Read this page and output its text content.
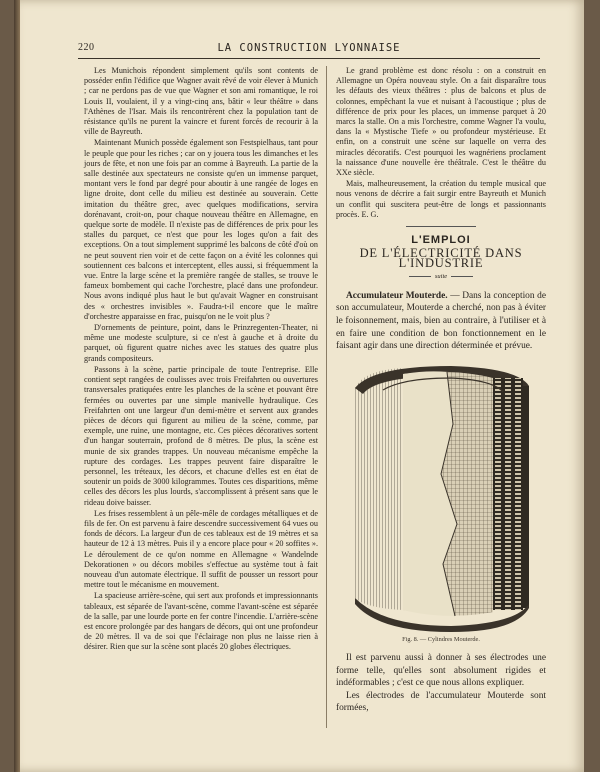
220	LA CONSTRUCTION LYONNAISE

Les Munichois répondent simplement qu'ils sont contents de posséder enfin l'édifice que Wagner avait rêvé de voir élever à Munich ; car ne perdons pas de vue que Wagner et son ami romantique, le roi Louis II, voulaient, il y a vingt-cinq ans, bâtir « leur théâtre » dans l'Athènes de l'Isar. Mais ils rencontrèrent chez la population tant de résistance qu'ils ne purent la vaincre et furent forcés de recourir à la ville de Bayreuth.

Maintenant Munich possède également son Festspielhaus, tant pour le peuple que pour les riches ; car on y jouera tous les dimanches et les jours de fête, et non une fois par an comme à Bayreuth. La partie de la salle destinée aux spectateurs ne consiste qu'en un immense parquet, montant vers le fond par degré pour aboutir à une rangée de loges en ligne droite, dont celle du milieu est destinée au souverain. Cette imitation du théâtre grec, avec quelques modifications, servira dorénavant, croit-on, pour chaque nouveau théâtre en Allemagne, en quelque sorte de modèle. Il n'existe pas de différences de prix pour les stalles du parquet, ce n'est que pour les loges qu'on a fait des exceptions. On a tout simplement supprimé les balcons de côté d'où on ne peut souvent rien voir et de cette façon on a évité les colonnes qui soutiennent ces balcons et interceptent, elles aussi, si fréquemment la vue. Entre la large scène et la première rangée de stalles, se trouve le fameux bombement qui cache l'orchestre, placé dans une profondeur. Nous avons indiqué plus haut le but qu'avait Wagner en construisant des « orchestres invisibles ». Faudra-t-il encore que le maître d'orchestre apparaisse en frac, puisqu'on ne le voit plus ?

D'ornements de peinture, point, dans le Prinzregenten-Theater, ni même une modeste sculpture, si ce n'est à gauche et à droite du parquet, où figurent quatre niches avec les statues des quatre plus grands compositeurs.

Passons à la scène, partie principale de toute l'entreprise. Elle contient sept rangées de coulisses avec trois Freifahrten ou ouvertures transversales pratiquées entre les planches de la scène et pouvant être fermées ou ouvertes par une simple manivelle hydraulique. Ces Freifahrten ont une largeur d'un demi-mètre et servent aux grandes pièces de décors qui figurent au milieu de la scène, comme, par exemple, une ruine, une montagne, etc. Ces pièces décoratives sortent d'un hangar souterrain, profond de 8 mètres. De plus, la scène est munie de six grandes trappes. Un nouveau mécanisme empêche la rupture des cordages. Les trappes peuvent faire disparaître le personnel, les tréteaux, les décors, et chacune d'elles est en état de soutenir un poids de 3000 kilogrammes. Toutes ces disparitions, même celles des décors les plus lourds, s'accomplissent à présent sans que le rideau doive baisser.

Les frises ressemblent à un pêle-mêle de cordages métalliques et de fils de fer. On est parvenu à faire descendre successivement 64 vues ou fonds de décors. La largeur d'un de ces tableaux est de 19 mètres et sa hauteur de 12 à 13 mètres. Puis il y a encore place pour « 20 soffites ». Le déroulement de ce qu'on nomme en Allemagne « Wandelnde Dekorationen » ou décors mobiles s'effectue au système tout à fait nouveau d'un automate électrique. Il suffit de pousser un ressort pour mettre tout le mécanisme en mouvement.

La spacieuse arrière-scène, qui sert aux profonds et impressionnants tableaux, est séparée de l'avant-scène, comme l'avant-scène est séparée de la salle, par une lourde porte en fer contre l'incendie. L'arrière-scène est encore prolongée par des hangars de décors, qui ont une profondeur de 20 mètres. Il va de soi que l'éclairage non plus ne laisse rien à désirer. Rien que sur la scène sont placés 20 globes électriques.

Le grand problème est donc résolu : on a construit en Allemagne un Opéra nouveau style. On a fait disparaître tous les défauts des vieux théâtres : plus de balcons et plus de colonnes, empêchant la vue et nuisant à l'acoustique ; plus de différence de prix pour les places, un immense parquet à 20 marcs la stalle. On a mis l'orchestre, comme Wagner l'a voulu, dans la « Mystische Tiefe » ou profondeur mystérieuse. Et enfin, on a construit une scène sur laquelle on verra des miracles décoratifs. C'est pourquoi les wagnériens proclament la naissance d'une nouvelle ère théâtrale. C'est le théâtre du XXe siècle.

Mais, malheureusement, la création du temple musical que nous venons de décrire a fait surgir entre Bayreuth et Munich un conflit qui suscitera peut-être de longs et passionnants procès. E. G.

L'EMPLOI
DE L'ÉLECTRICITÉ DANS L'INDUSTRIE
suite
Accumulateur Mouterde. — Dans la conception de son accumulateur, Mouterde a cherché, non pas à éviter le foisonnement, mais, bien au contraire, à l'utiliser et à en faire une condition de bon fonctionnement en le faisant agir dans une direction déterminée et prévue.
Fig. 8. — Cylindres Mouterde.

Il est parvenu aussi à donner à ses électrodes une forme telle, qu'elles sont absolument rigides et indéformables ; c'est ce que nous allons expliquer.

Les électrodes de l'accumulateur Mouterde sont formées,
